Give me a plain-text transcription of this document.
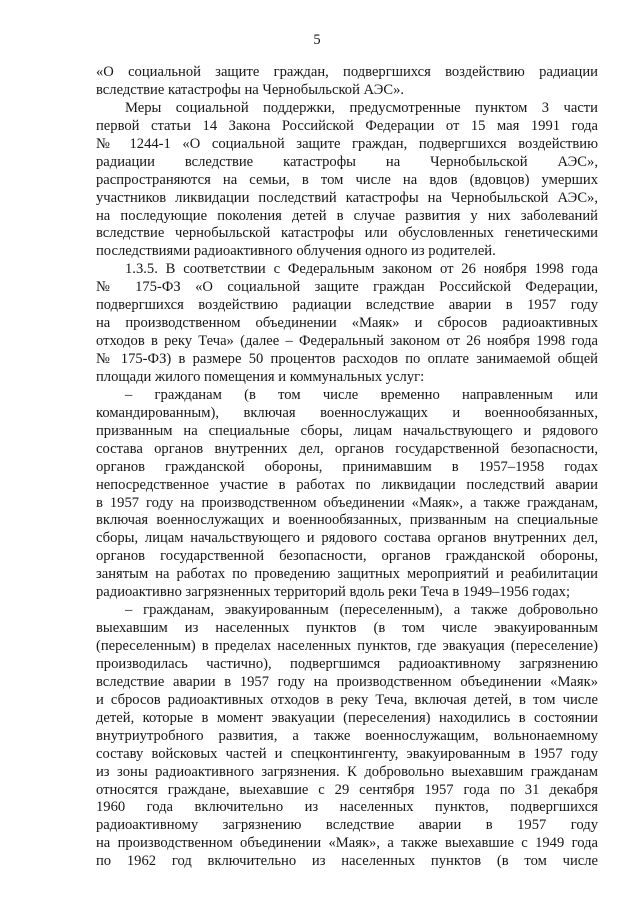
5
«О социальной защите граждан, подвергшихся воздействию радиации
вследствие катастрофы на Чернобыльской АЭС».
Меры социальной поддержки, предусмотренные пунктом 3 части
первой статьи 14 Закона Российской Федерации от 15 мая 1991 года
№ 1244-1 «О социальной защите граждан, подвергшихся воздействию
радиации вследствие катастрофы на Чернобыльской АЭС»,
распространяются на семьи, в том числе на вдов (вдовцов) умерших
участников ликвидации последствий катастрофы на Чернобыльской АЭС»,
на последующие поколения детей в случае развития у них заболеваний
вследствие чернобыльской катастрофы или обусловленных генетическими
последствиями радиоактивного облучения одного из родителей.
1.3.5. В соответствии с Федеральным законом от 26 ноября 1998 года
№ 175-ФЗ «О социальной защите граждан Российской Федерации,
подвергшихся воздействию радиации вследствие аварии в 1957 году
на производственном объединении «Маяк» и сбросов радиоактивных
отходов в реку Теча» (далее – Федеральный законом от 26 ноября 1998 года
№ 175-ФЗ) в размере 50 процентов расходов по оплате занимаемой общей
площади жилого помещения и коммунальных услуг:
– гражданам (в том числе временно направленным или
командированным), включая военнослужащих и военнообязанных,
призванным на специальные сборы, лицам начальствующего и рядового
состава органов внутренних дел, органов государственной безопасности,
органов гражданской обороны, принимавшим в 1957–1958 годах
непосредственное участие в работах по ликвидации последствий аварии
в 1957 году на производственном объединении «Маяк», а также гражданам,
включая военнослужащих и военнообязанных, призванным на специальные
сборы, лицам начальствующего и рядового состава органов внутренних дел,
органов государственной безопасности, органов гражданской обороны,
занятым на работах по проведению защитных мероприятий и реабилитации
радиоактивно загрязненных территорий вдоль реки Теча в 1949–1956 годах;
– гражданам, эвакуированным (переселенным), а также добровольно
выехавшим из населенных пунктов (в том числе эвакуированным
(переселенным) в пределах населенных пунктов, где эвакуация (переселение)
производилась частично), подвергшимся радиоактивному загрязнению
вследствие аварии в 1957 году на производственном объединении «Маяк»
и сбросов радиоактивных отходов в реку Теча, включая детей, в том числе
детей, которые в момент эвакуации (переселения) находились в состоянии
внутриутробного развития, а также военнослужащим, вольнонаемному
составу войсковых частей и спецконтингенту, эвакуированным в 1957 году
из зоны радиоактивного загрязнения. К добровольно выехавшим гражданам
относятся граждане, выехавшие с 29 сентября 1957 года по 31 декабря
1960 года включительно из населенных пунктов, подвергшихся
радиоактивному загрязнению вследствие аварии в 1957 году
на производственном объединении «Маяк», а также выехавшие с 1949 года
по 1962 год включительно из населенных пунктов (в том числе
